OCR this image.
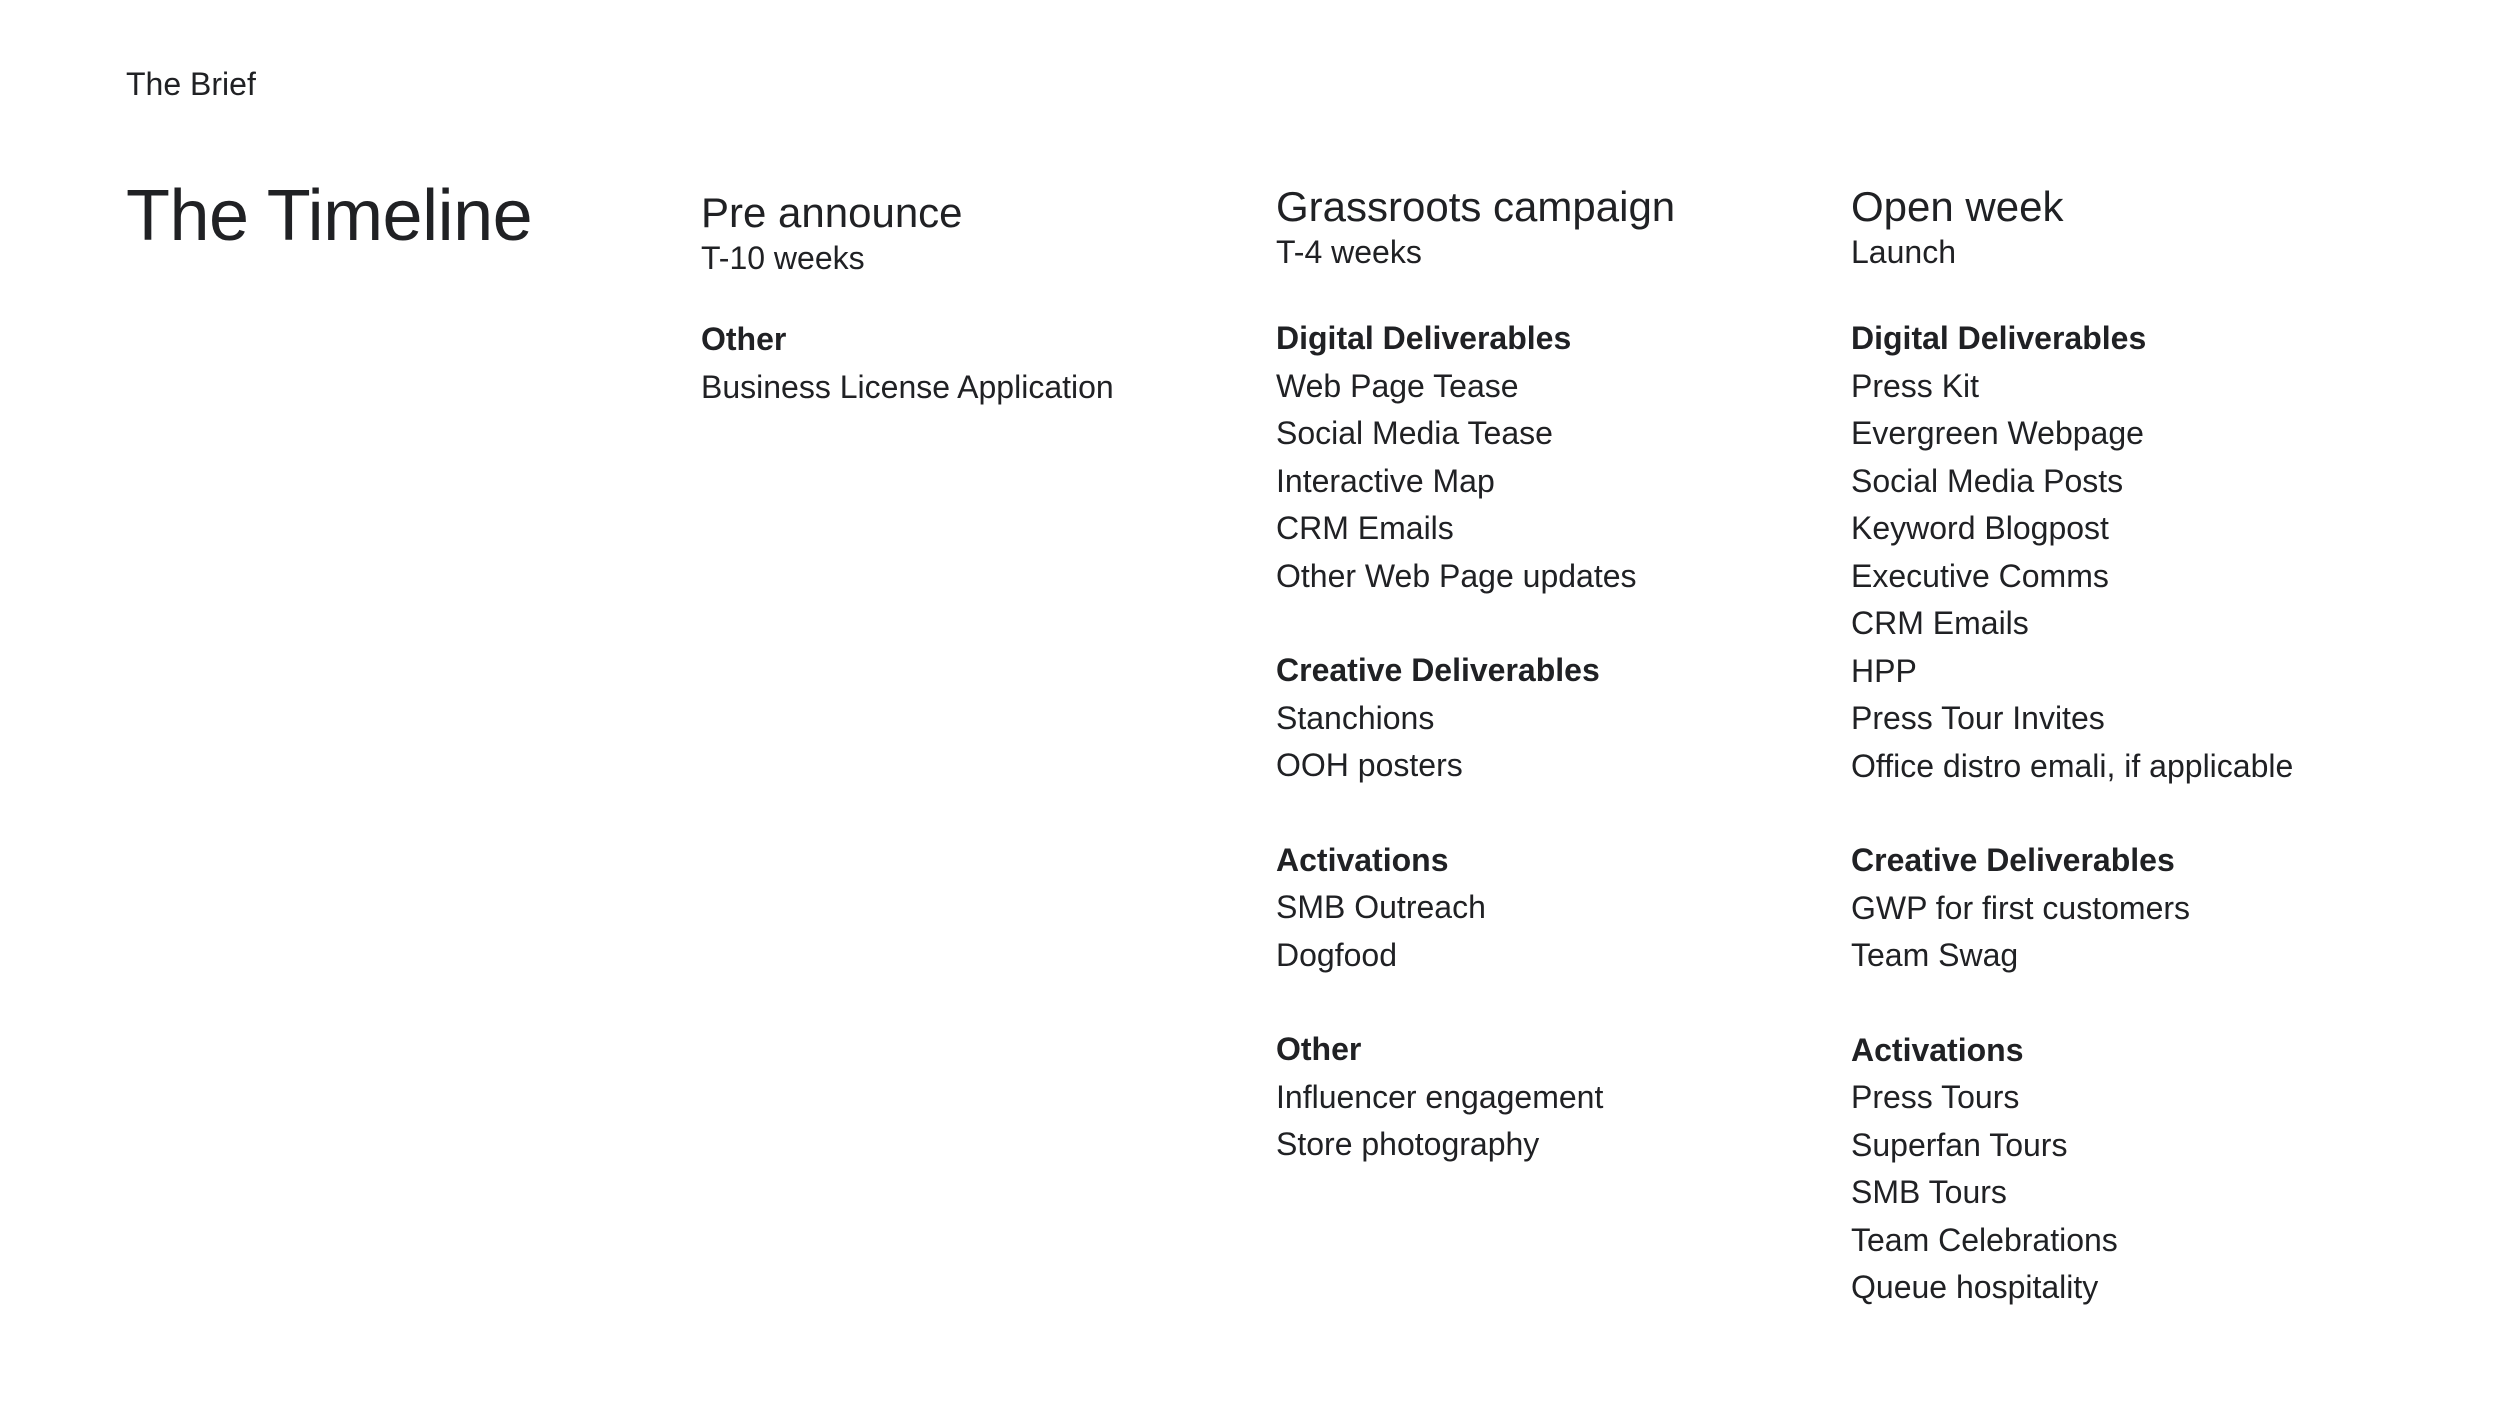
The Brief
The Timeline	Pre announce
T-10 weeks
Other
Business License Application
Grassroots campaign
T-4 weeks
Digital Deliverables
Web Page Tease
Social Media Tease
Interactive Map
CRM Emails
Other Web Page updates
Creative Deliverables
Stanchions
OOH posters
Activations
SMB Outreach
Dogfood
Other
Influencer engagement
Store photography
Open week
Launch
Digital Deliverables
Press Kit
Evergreen Webpage
Social Media Posts
Keyword Blogpost
Executive Comms
CRM Emails
HPP
Press Tour Invites
Office distro emali, if applicable
Creative Deliverables
GWP for first customers
Team Swag
Activations
Press Tours
Superfan Tours
SMB Tours
Team Celebrations
Queue hospitality
